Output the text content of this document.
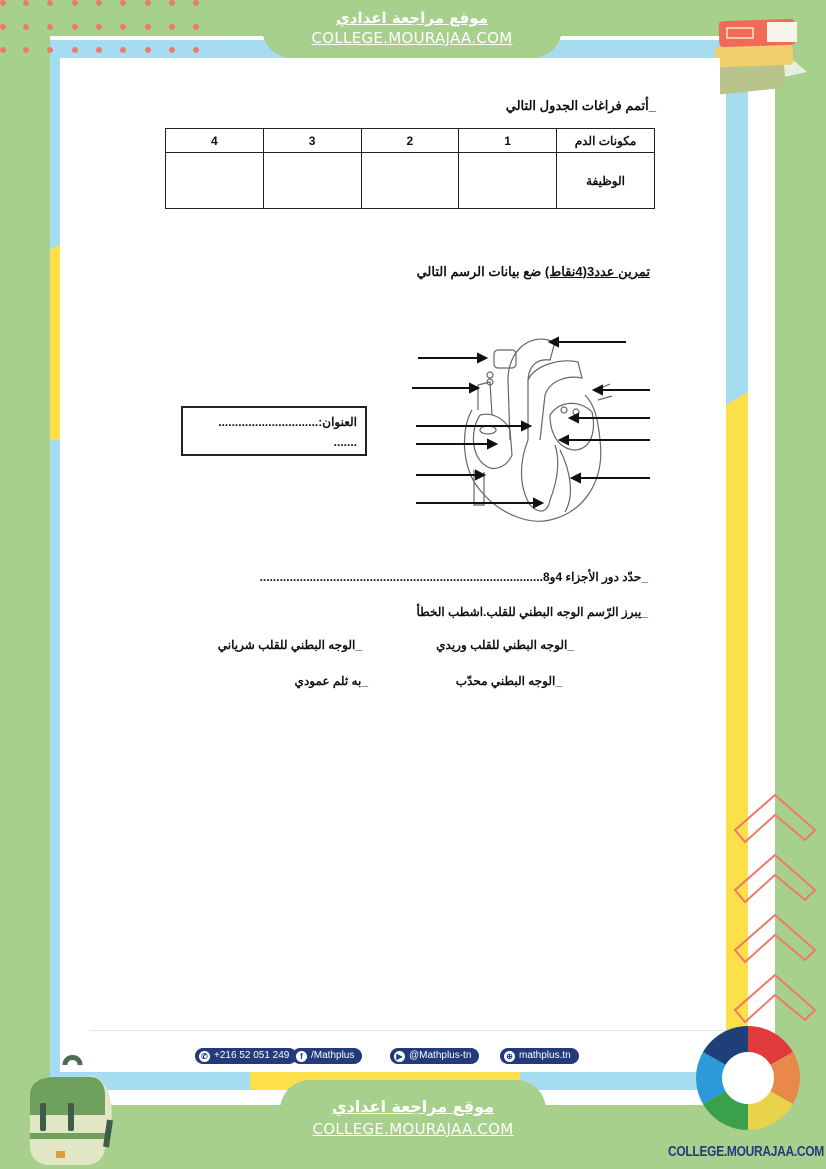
موقع مراجعة اعدادي
COLLEGE.MOURAJAA.COM
_أتمم فراغات الجدول التالي
مكونات الدم	1	2	3	4
الوظيفة				
تمرين عدد3(4نقاط) ضع بيانات الرسم التالي
العنوان:..............................
.......
_حدّد دور الأجزاء 4و8.....................................................................................
_يبرز الرّسم الوجه البطني للقلب.اشطب الخطأ
_الوجه البطني للقلب وريدي
_الوجه البطني للقلب شرياني
_الوجه البطني محدّب
_به ثلم عمودي
✆ +216 52 051 249	f /Mathplus	▶ @Mathplus-tn	⊕ mathplus.tn
موقع مراجعة اعدادي
COLLEGE.MOURAJAA.COM
COLLEGE.MOURAJAA.COM
